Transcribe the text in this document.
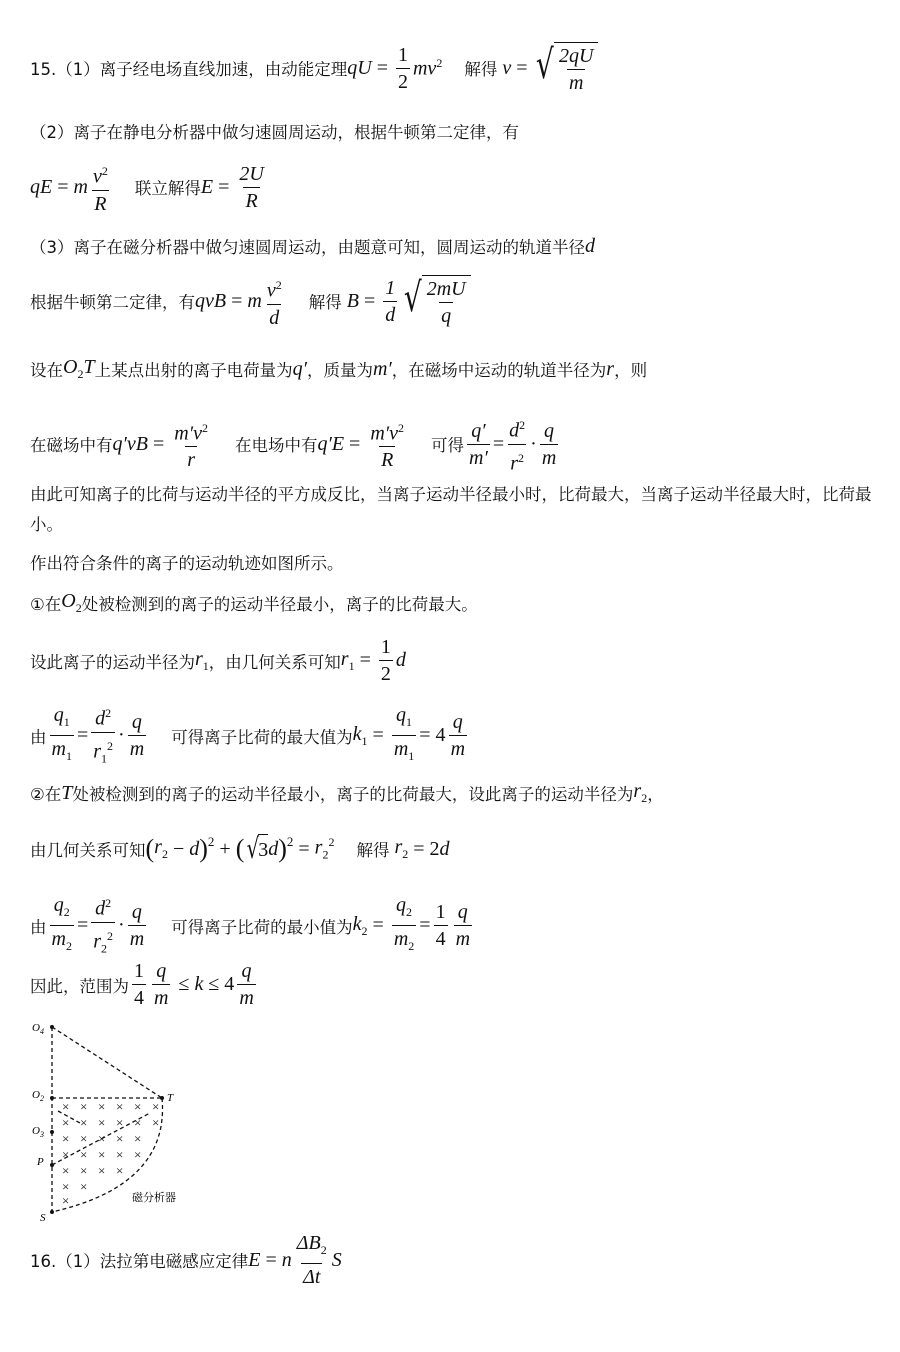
15.（1）离子经电场直线加速，由动能定理 qU = $\frac{1}{2} mv^2$ 解得 v = √ $\frac{2qU}{m}$
（2）离子在静电分析器中做匀速圆周运动，根据牛顿第二定律，有
qE = m $\frac{v^2}{R}$ 联立解得 $E = \frac{2U}{R}$
（3）离子在磁分析器中做匀速圆周运动，由题意可知，圆周运动的轨道半径 d
根据牛顿第二定律，有 qvB = m $\frac{v^2}{d}$ 解得 $B = \frac{1}{d}$ √ $\frac{2mU}{q}$
设在 $O_2T$ 上某点出射的离子电荷量为 q′ ，质量为 m′ ，在磁场中运动的轨道半径为 r ，则
在磁场中有 $q'vB = \frac{m'v^2}{r}$ 在电场中有 $q'E = \frac{m'v^2}{R}$ 可得 $\frac{q'}{m'} = \frac{d^2}{r^2} \cdot \frac{q}{m}$
由此可知离子的比荷与运动半径的平方成反比，当离子运动半径最小时，比荷最大，当离子运动半径最大时，比荷最小。
作出符合条件的离子的运动轨迹如图所示。
①在 $O_2$ 处被检测到的离子的运动半径最小，离子的比荷最大。
设此离子的运动半径为 $r_1$ ，由几何关系可知 $r_1 = \frac{1}{2}$ d
由 $\frac{q_1}{m_1} = \frac{d^2}{r_1^2} \cdot \frac{q}{m}$ 可得离子比荷的最大值为 $k_1 = \frac{q_1}{m_1} = 4 \frac{q}{m}$
②在 T 处被检测到的离子的运动半径最小，离子的比荷最大，设此离子的运动半径为 $r_2$ ，
由几何关系可知 ( $r_2 - d$ )$^2$ + ( √
3 d )$^2 = r_2^2$ 解得 $r_2 = 2$ d
由 $\frac{q_2}{m_2} = \frac{d^2}{r_2^2} \cdot \frac{q}{m}$ 可得离子比荷的最小值为 $k_2 = \frac{q_2}{m_2} = \frac{1}{4} \frac{q}{m}$
因此，范围为 $\frac{1}{4} \frac{q}{m} \le k \le 4 \frac{q}{m}$
× × × × × ×
× × × × × ×
× × × × ×
× × × × ×
× × × ×
× ×
×
$O_4$
$O_2$
$O_3$
P
S
T
磁分析器
16.（1）法拉第电磁感应定律 E = n $\frac{\Delta B_2}{\Delta t}$ S
